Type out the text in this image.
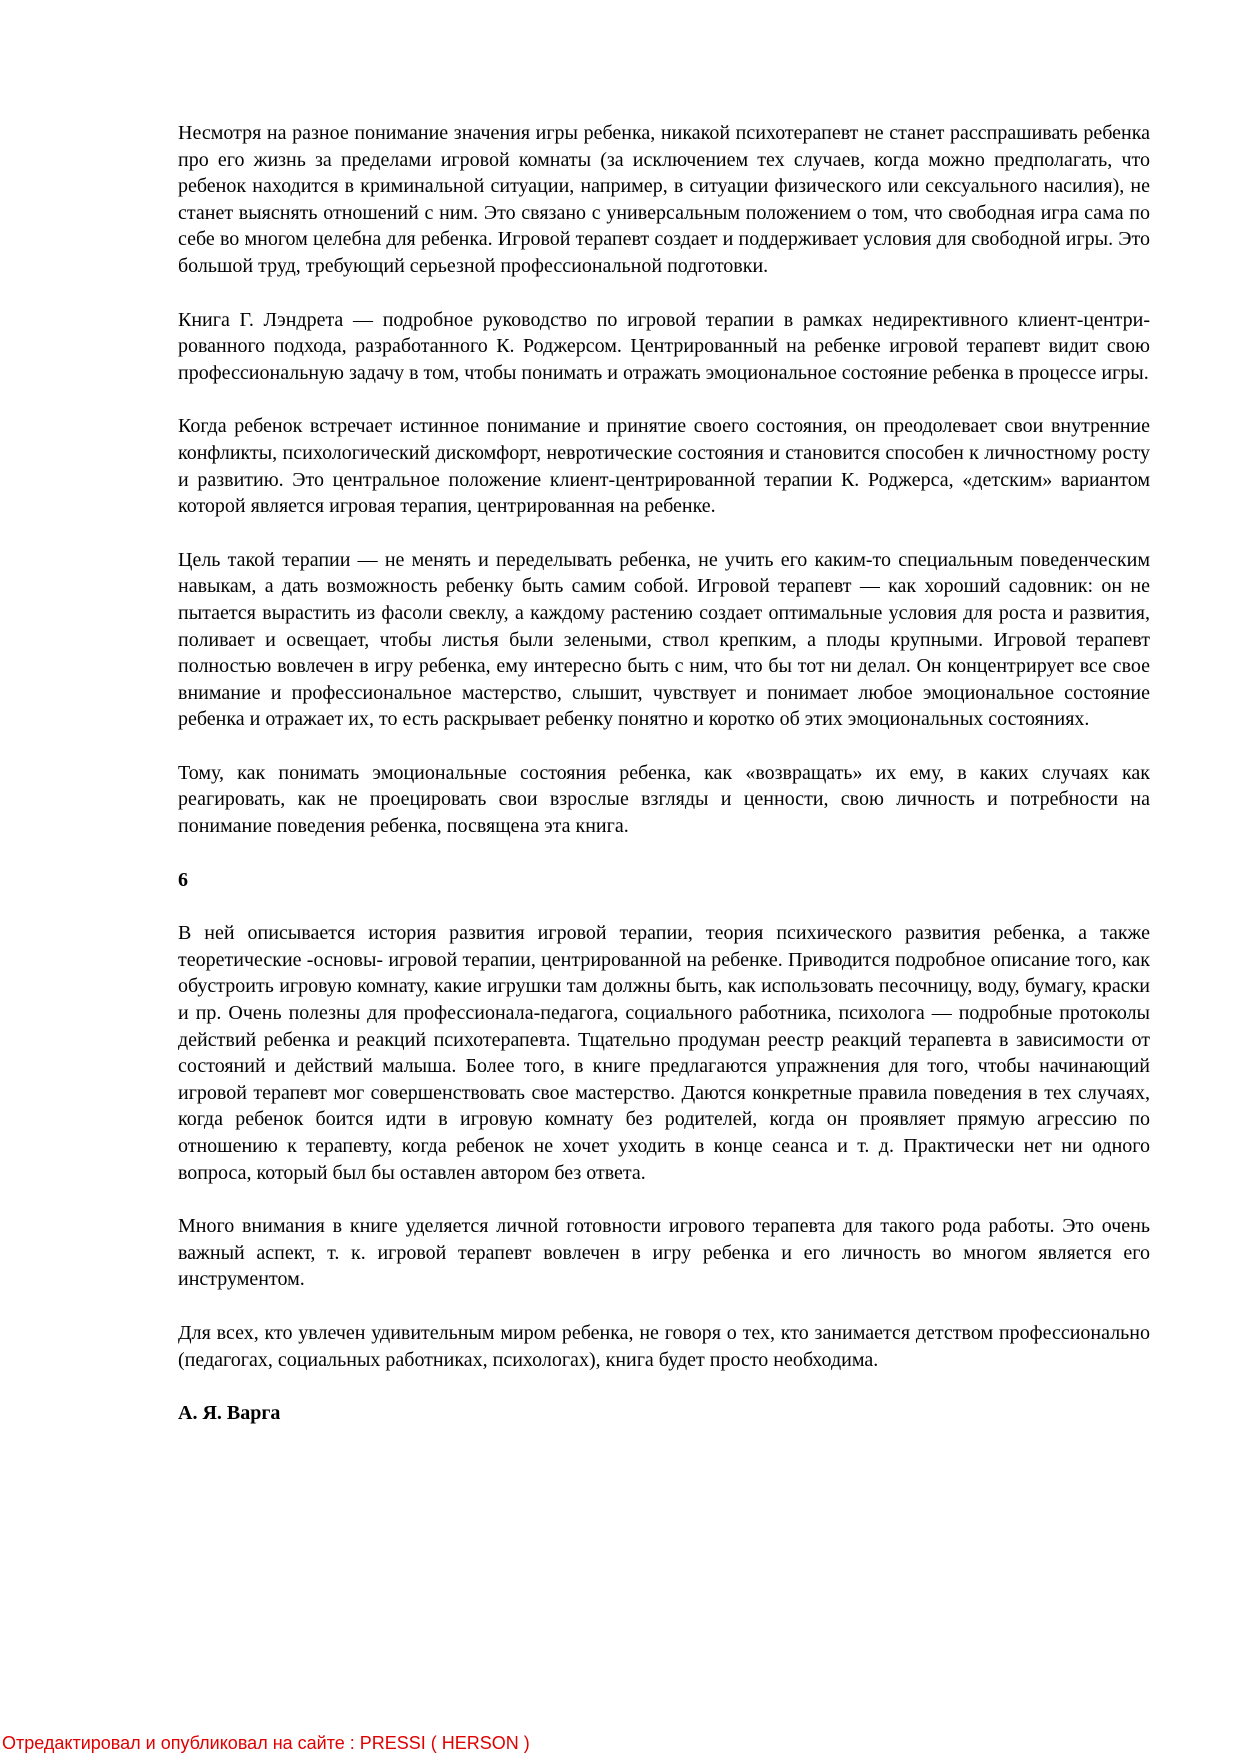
Несмотря на разное понимание значения игры ребенка, никакой психотерапевт не станет расспрашивать ребенка про его жизнь за пределами игровой комнаты (за исключением тех случаев, когда можно предполагать, что ребенок находится в криминальной ситуации, например, в ситуации физического или сексуального насилия), не станет выяснять отношений с ним. Это связано с универсальным положением о том, что свободная игра сама по себе во многом целебна для ребенка. Игровой терапевт создает и поддерживает условия для свободной игры. Это большой труд, требующий серьезной профессиональной подготовки.

Книга Г. Лэндрета — подробное руководство по игровой терапии в рамках недирективного клиент-центри-рованного подхода, разработанного К. Роджерсом. Центрированный на ребенке игровой терапевт видит свою профессиональную задачу в том, чтобы понимать и отражать эмоциональное состояние ребенка в процессе игры.

Когда ребенок встречает истинное понимание и принятие своего состояния, он преодолевает свои внутренние конфликты, психологический дискомфорт, невротические состояния и становится способен к личностному росту и развитию. Это центральное положение клиент-центрированной терапии К. Роджерса, «детским» вариантом которой является игровая терапия, центрированная на ребенке.

Цель такой терапии — не менять и переделывать ребенка, не учить его каким-то специальным поведенческим навыкам, а дать возможность ребенку быть самим собой. Игровой терапевт — как хороший садовник: он не пытается вырастить из фасоли свеклу, а каждому растению создает оптимальные условия для роста и развития, поливает и освещает, чтобы листья были зелеными, ствол крепким, а плоды крупными. Игровой терапевт полностью вовлечен в игру ребенка, ему интересно быть с ним, что бы тот ни делал. Он концентрирует все свое внимание и профессиональное мастерство, слышит, чувствует и понимает любое эмоциональное состояние ребенка и отражает их, то есть раскрывает ребенку понятно и коротко об этих эмоциональных состояниях.

Тому, как понимать эмоциональные состояния ребенка, как «возвращать» их ему, в каких случаях как реагировать, как не проецировать свои взрослые взгляды и ценности, свою личность и потребности на понимание поведения ребенка, посвящена эта книга.

6

В ней описывается история развития игровой терапии, теория психического развития ребенка, а также теоретические -основы- игровой терапии, центрированной на ребенке. Приводится подробное описание того, как обустроить игровую комнату, какие игрушки там должны быть, как использовать песочницу, воду, бумагу, краски и пр. Очень полезны для профессионала-педагога, социального работника, психолога — подробные протоколы действий ребенка и реакций психотерапевта. Тщательно продуман реестр реакций терапевта в зависимости от состояний и действий малыша. Более того, в книге предлагаются упражнения для того, чтобы начинающий игровой терапевт мог совершенствовать свое мастерство. Даются конкретные правила поведения в тех случаях, когда ребенок боится идти в игровую комнату без родителей, когда он проявляет прямую агрессию по отношению к терапевту, когда ребенок не хочет уходить в конце сеанса и т. д. Практически нет ни одного вопроса, который был бы оставлен автором без ответа.

Много внимания в книге уделяется личной готовности игрового терапевта для такого рода работы. Это очень важный аспект, т. к. игровой терапевт вовлечен в игру ребенка и его личность во многом является его инструментом.

Для всех, кто увлечен удивительным миром ребенка, не говоря о тех, кто занимается детством профессионально (педагогах, социальных работниках, психологах), книга будет просто необходима.

А. Я. Варга

Отредактировал и опубликовал на сайте : PRESSI ( HERSON )
